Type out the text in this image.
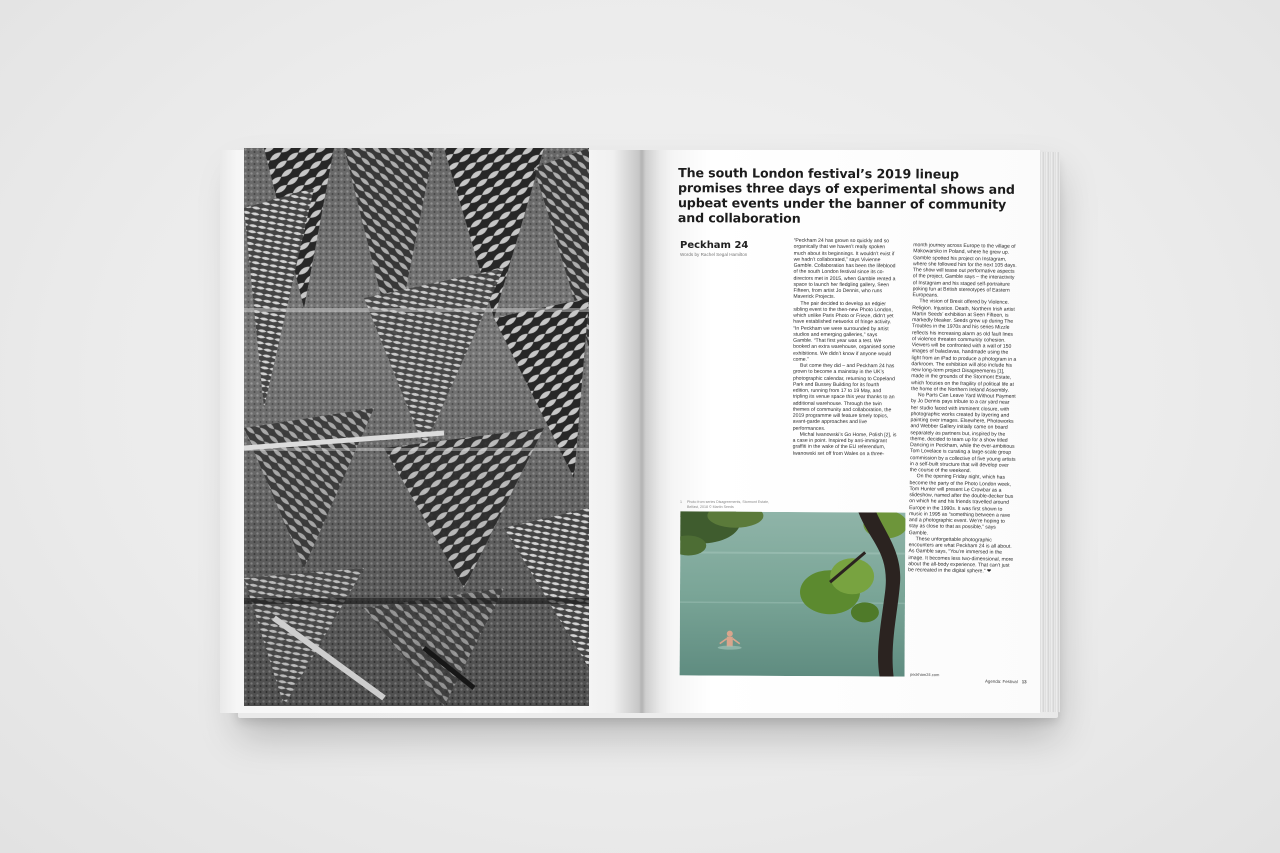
The south London festival’s 2019 lineup promises three days of experimental shows and upbeat events under the banner of community and collaboration
Peckham 24
Words by Rachel Segal Hamilton

“Peckham 24 has grown so quickly and so organically that we haven’t really spoken much about its beginnings. It wouldn’t exist if we hadn’t collaborated,” says Vivienne Gamble. Collaboration has been the lifeblood of the south London festival since its co-directors met in 2015, when Gamble rented a space to launch her fledgling gallery, Seen Fifteen, from artist Jo Dennis, who runs Maverick Projects.

The pair decided to develop an edgier sibling event to the then-new Photo London, which unlike Paris Photo or Frieze, didn’t yet have established networks of fringe activity. “In Peckham we were surrounded by artist studios and emerging galleries,” says Gamble. “That first year was a test. We booked an extra warehouse, organised some exhibitions. We didn’t know if anyone would come.”

But come they did – and Peckham 24 has grown to become a mainstay in the UK’s photographic calendar, returning to Copeland Park and Bussey Building for its fourth edition, running from 17 to 19 May, and tripling its venue space this year thanks to an additional warehouse. Through the twin themes of community and collaboration, the 2019 programme will feature timely topics, avant-garde approaches and live performances.

Michal Iwanowski’s Go Home, Polish [2], is a case in point. Inspired by anti-immigrant graffiti in the wake of the EU referendum, Iwanowski set off from Wales on a three-

month journey across Europe to the village of Makowarsko in Poland, where he grew up. Gamble spotted his project on Instagram, where she followed him for the next 105 days. The show will tease out performative aspects of the project, Gamble says – the interactivity of Instagram and his staged self-portraiture poking fun at British stereotypes of Eastern Europeans.

The vision of Brexit offered by Violence. Religion. Injustice. Death, Northern Irish artist Martin Seeds’ exhibition at Seen Fifteen, is markedly bleaker. Seeds grew up during The Troubles in the 1970s and his series Mizzle reflects his increasing alarm as old fault lines of violence threaten community cohesion. Viewers will be confronted with a wall of 150 images of balaclavas, handmade using the light from an iPad to produce a photogram in a darkroom. The exhibition will also include his new long-term project Disagreements [1], made in the grounds of the Stormont Estate, which focuses on the fragility of political life at the home of the Northern Ireland Assembly.

No Parts Can Leave Yard Without Payment by Jo Dennis pays tribute to a car yard near her studio faced with imminent closure, with photographic works created by layering and painting over images. Elsewhere, Photoworks and Webber Gallery initially came on board separately as partners but, inspired by the theme, decided to team up for a show titled Dancing in Peckham, while the ever-ambitious Tom Lovelace is curating a large-scale group commission by a collective of five young artists in a self-built structure that will develop over the course of the weekend.

On the opening Friday night, which has become the party of the Photo London week, Tom Hunter will present Le Crowbar as a slideshow, named after the double-decker bus on which he and his friends travelled around Europe in the 1990s. It was first shown to music in 1995 as “something between a rave and a photographic event. We’re hoping to stay as close to that as possible,” says Gamble.

These unforgettable photographic encounters are what Peckham 24 is all about. As Gamble says, “You’re immersed in the image. It becomes less two-dimensional, more about the all-body experience. That can’t just be recreated in the digital sphere.” ❤

1 Photo from series Disagreements, Stormont Estate, Belfast, 2018 © Martin Seeds
peckham24.com
Agenda: Festival 13
